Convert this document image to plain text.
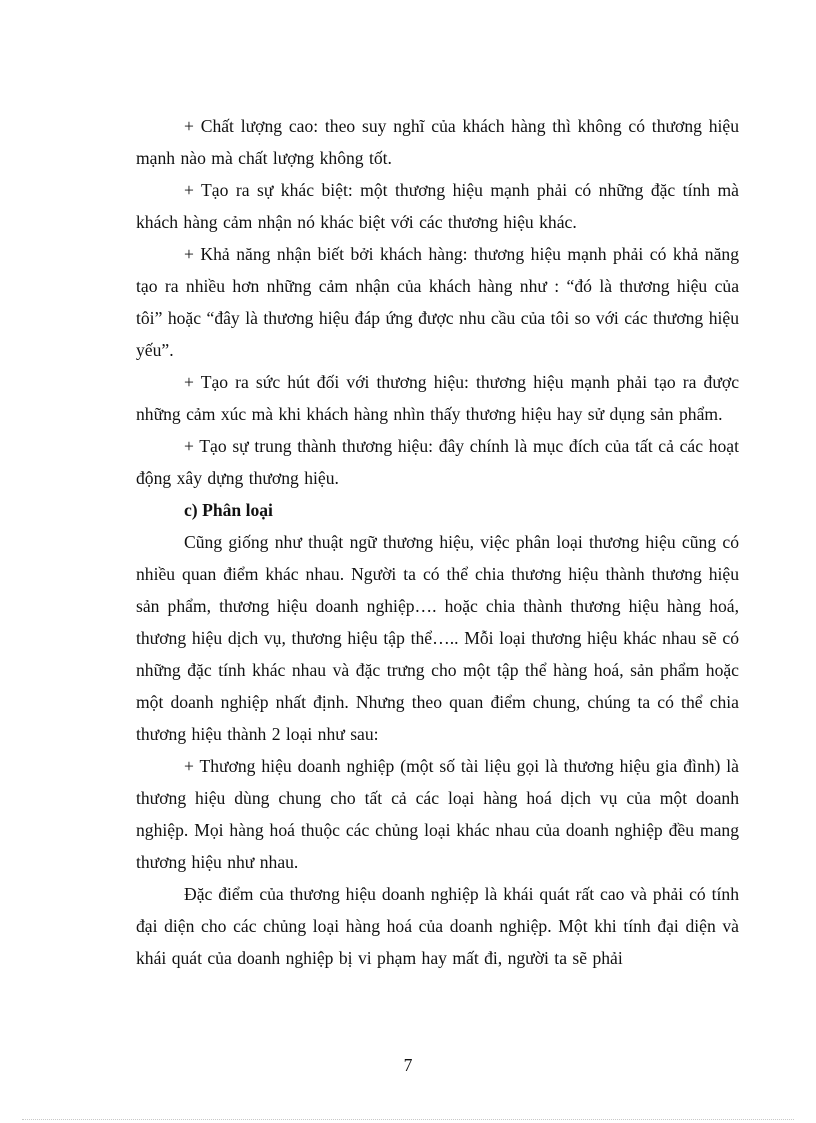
+ Chất lượng cao: theo suy nghĩ của khách hàng thì không có thương hiệu mạnh nào mà chất lượng không tốt.

+ Tạo ra sự khác biệt: một thương hiệu mạnh phải có những đặc tính mà khách hàng cảm nhận nó khác biệt với các thương hiệu khác.

+ Khả năng nhận biết bởi khách hàng: thương hiệu mạnh phải có khả năng tạo ra nhiều hơn những cảm nhận của khách hàng như : “đó là thương hiệu của tôi” hoặc “đây là thương hiệu đáp ứng được nhu cầu của tôi so với các thương hiệu yếu”.

+ Tạo ra sức hút đối với thương hiệu: thương hiệu mạnh phải tạo ra được những cảm xúc mà khi khách hàng nhìn thấy thương hiệu hay sử dụng sản phẩm.

+ Tạo sự trung thành thương hiệu: đây chính là mục đích của tất cả các hoạt động xây dựng thương hiệu.

c) Phân loại

Cũng giống như thuật ngữ thương hiệu, việc phân loại thương hiệu cũng có nhiều quan điểm khác nhau. Người ta có thể chia thương hiệu thành thương hiệu sản phẩm, thương hiệu doanh nghiệp…. hoặc chia thành thương hiệu hàng hoá, thương hiệu dịch vụ, thương hiệu tập thể….. Mỗi loại thương hiệu khác nhau sẽ có những đặc tính khác nhau và đặc trưng cho một tập thể hàng hoá, sản phẩm hoặc một doanh nghiệp nhất định. Nhưng theo quan điểm chung, chúng ta có thể chia thương hiệu thành 2 loại như sau:

+ Thương hiệu doanh nghiệp (một số tài liệu gọi là thương hiệu gia đình) là thương hiệu dùng chung cho tất cả các loại hàng hoá dịch vụ của một doanh nghiệp. Mọi hàng hoá thuộc các chủng loại khác nhau của doanh nghiệp đều mang thương hiệu như nhau.

Đặc điểm của thương hiệu doanh nghiệp là khái quát rất cao và phải có tính đại diện cho các chủng loại hàng hoá của doanh nghiệp. Một khi tính đại diện và khái quát của doanh nghiệp bị vi phạm hay mất đi, người ta sẽ phải

7
